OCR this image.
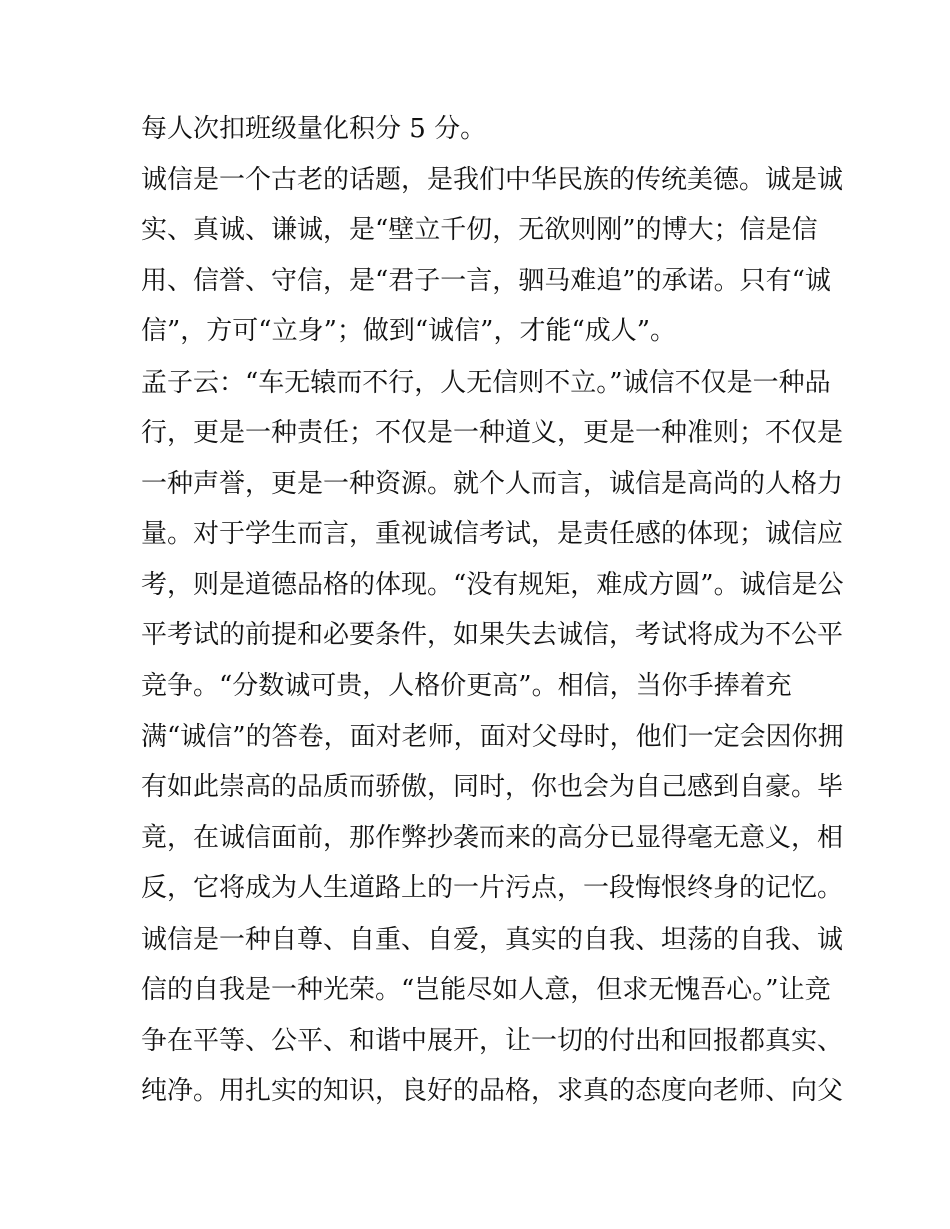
每人次扣班级量化积分 5 分。
诚信是一个古老的话题，是我们中华民族的传统美德。诚是诚
实、真诚、谦诚，是“壁立千仞，无欲则刚”的博大；信是信
用、信誉、守信，是“君子一言，驷马难追”的承诺。只有“诚
信”，方可“立身”；做到“诚信”，才能“成人”。
孟子云：“车无辕而不行，人无信则不立。”诚信不仅是一种品
行，更是一种责任；不仅是一种道义，更是一种准则；不仅是
一种声誉，更是一种资源。就个人而言，诚信是高尚的人格力
量。对于学生而言，重视诚信考试，是责任感的体现；诚信应
考，则是道德品格的体现。“没有规矩，难成方圆”。诚信是公
平考试的前提和必要条件，如果失去诚信，考试将成为不公平
竞争。“分数诚可贵，人格价更高”。相信，当你手捧着充
满“诚信”的答卷，面对老师，面对父母时，他们一定会因你拥
有如此崇高的品质而骄傲，同时，你也会为自己感到自豪。毕
竟，在诚信面前，那作弊抄袭而来的高分已显得毫无意义，相
反，它将成为人生道路上的一片污点，一段悔恨终身的记忆。
诚信是一种自尊、自重、自爱，真实的自我、坦荡的自我、诚
信的自我是一种光荣。“岂能尽如人意，但求无愧吾心。”让竞
争在平等、公平、和谐中展开，让一切的付出和回报都真实、
纯净。用扎实的知识，良好的品格，求真的态度向老师、向父
